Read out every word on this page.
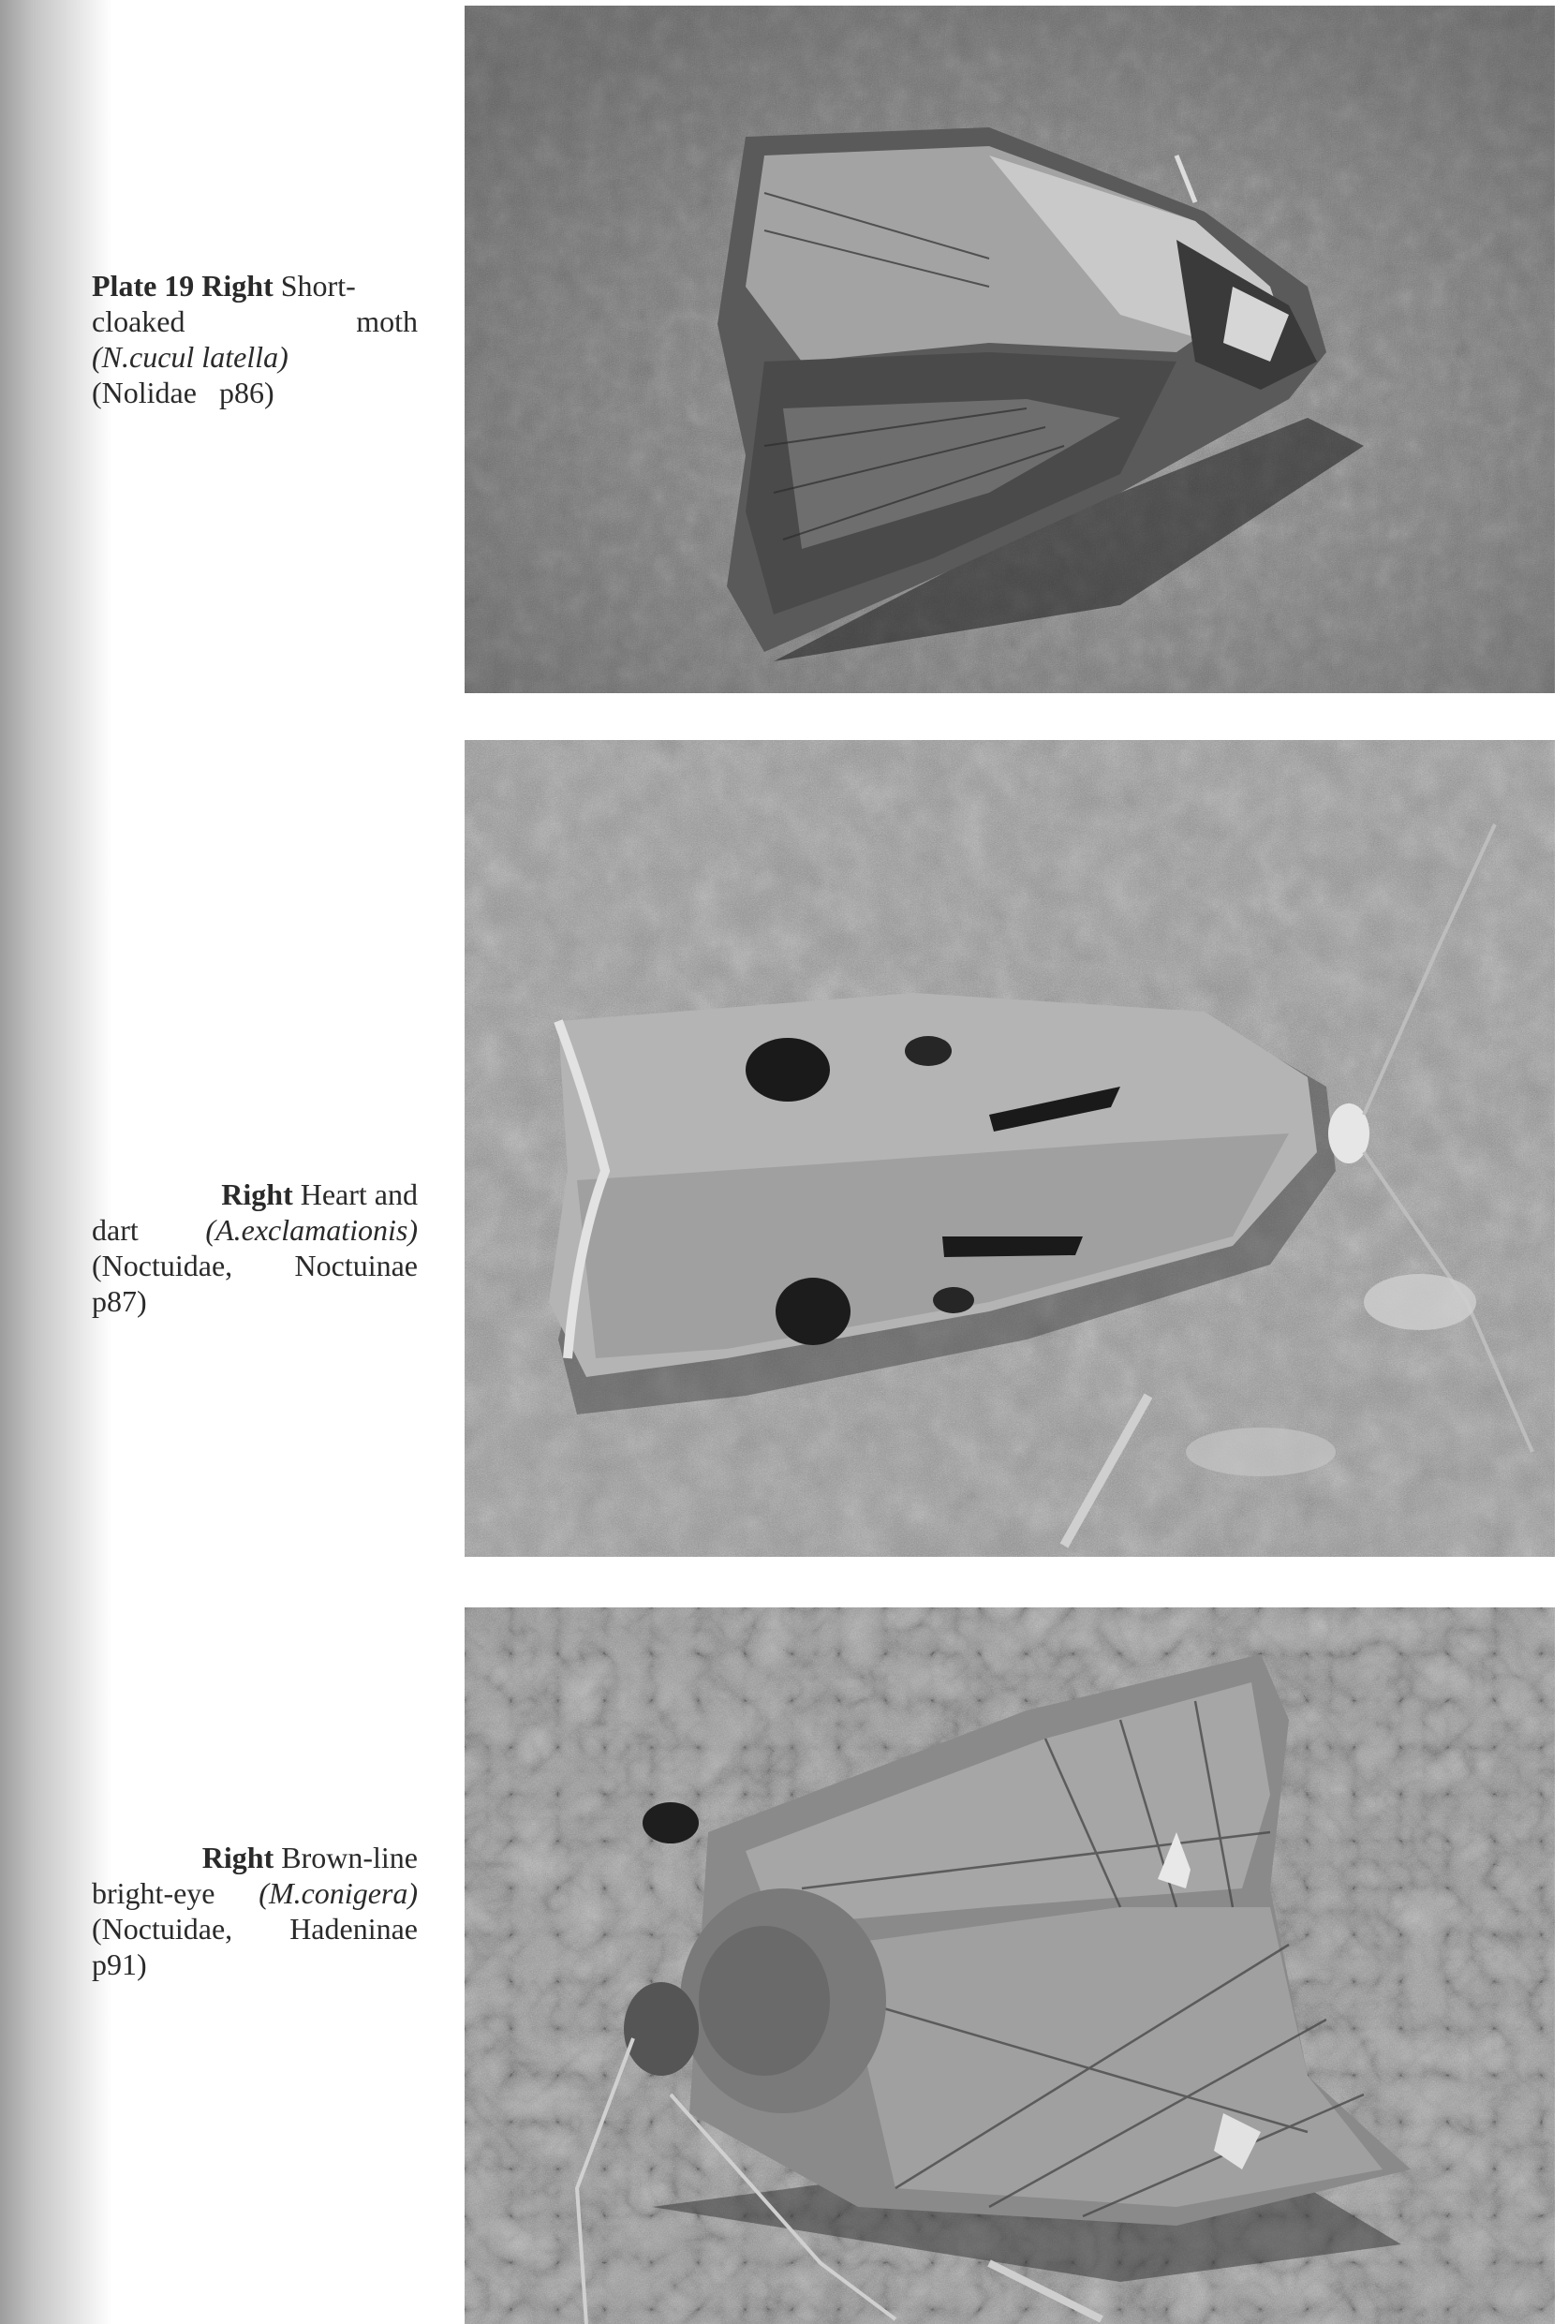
Plate 19 Right Short-

cloaked	moth

(N.cucul latella)

(Nolidae p86)

Right Heart and

dart (A.exclamationis)

(Noctuidae, Noctuinae

p87)

Right Brown-line

bright-eye (M.conigera)

(Noctuidae, Hadeninae

p91)
